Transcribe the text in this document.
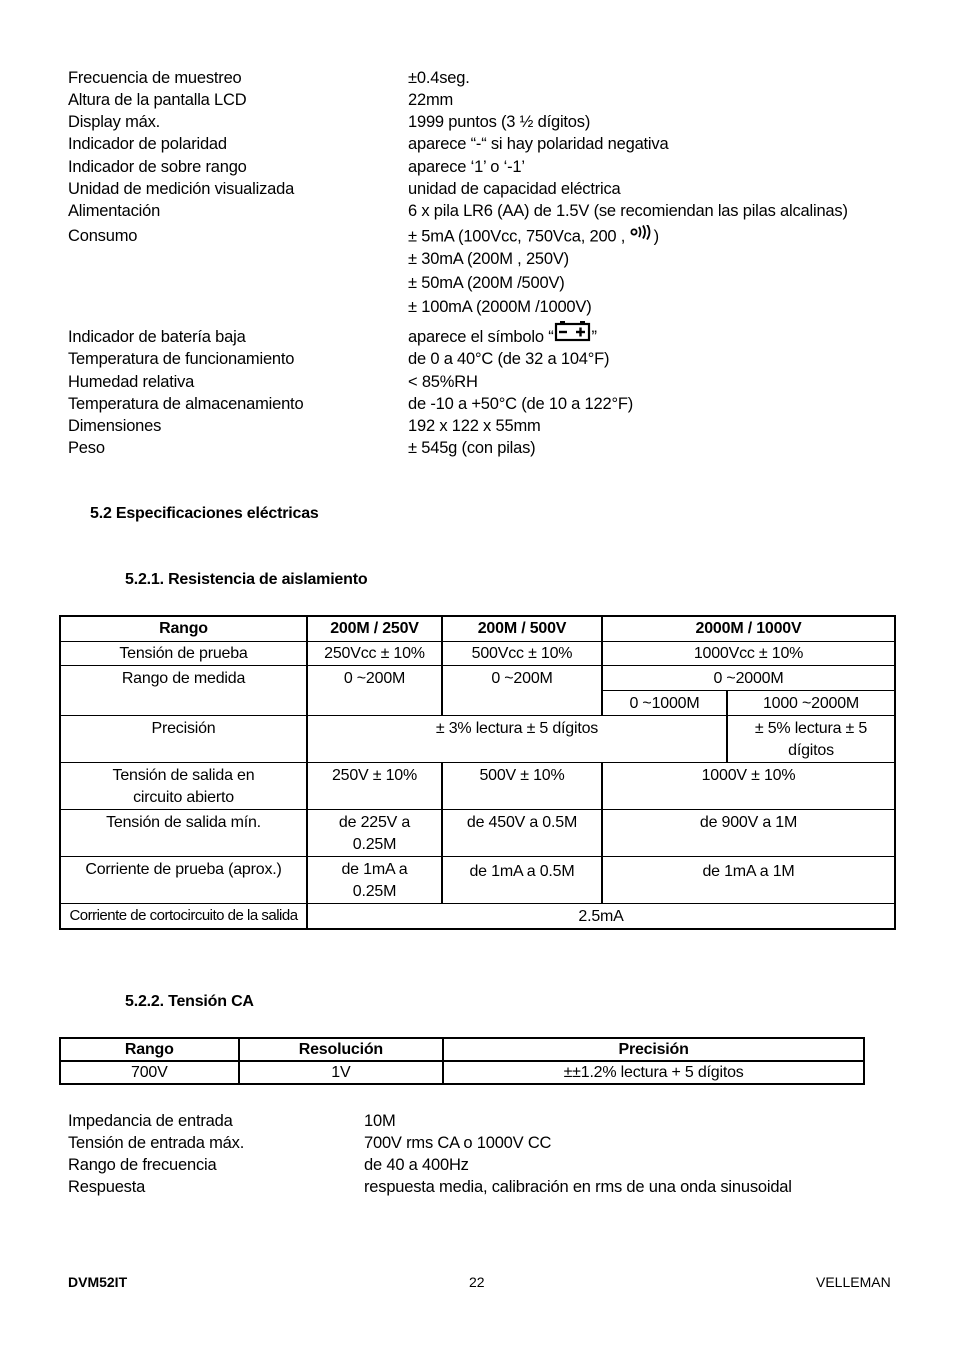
Frecuencia de muestreo	±0.4seg.
Altura de la pantalla LCD	22mm
Display máx.	1999 puntos (3 ½ dígitos)
Indicador de polaridad	aparece “-“ si hay polaridad negativa
Indicador de sobre rango	aparece ‘1’ o ‘-1’
Unidad de medición visualizada	unidad de capacidad eléctrica
Alimentación	6 x pila LR6 (AA) de 1.5V (se recomiendan las pilas alcalinas)
Consumo	± 5mA (100Vcc, 750Vca, 200 , )
± 30mA (200M , 250V)
± 50mA (200M /500V)
± 100mA (2000M /1000V)
Indicador de batería baja	aparece el símbolo “ ”
Temperatura de funcionamiento	de 0 a 40°C (de 32 a 104°F)
Humedad relativa	< 85%RH
Temperatura de almacenamiento	de -10 a +50°C (de 10 a 122°F)
Dimensiones	192 x 122 x 55mm
Peso	± 545g (con pilas)
5.2 Especificaciones eléctricas
5.2.1. Resistencia de aislamiento
Rango	200M / 250V	200M / 500V	2000M / 1000V	
Tensión de prueba	250Vcc ± 10%	500Vcc ± 10%	1000Vcc ± 10%	
Rango de medida	0 ~200M	0 ~200M	0 ~2000M	
			0 ~1000M	1000 ~2000M
Precisión	± 3% lectura ± 5 dígitos			± 5% lectura ± 5 dígitos
Tensión de salida en circuito abierto	250V ± 10%	500V ± 10%	1000V ± 10%	
Tensión de salida mín.	de 225V a 0.25M	de 450V a 0.5M	de 900V a 1M	
Corriente de prueba (aprox.)	de 1mA a 0.25M	de 1mA a 0.5M	de 1mA a 1M	
Corriente de cortocircuito de la salida	2.5mA			
5.2.2. Tensión CA
Rango	Resolución	Precisión
700V	1V	±±1.2% lectura + 5 dígitos
Impedancia de entrada	10M
Tensión de entrada máx.	700V rms CA o 1000V CC
Rango de frecuencia	de 40 a 400Hz
Respuesta	respuesta media, calibración en rms de una onda sinusoidal
DVM52IT	22	VELLEMAN
